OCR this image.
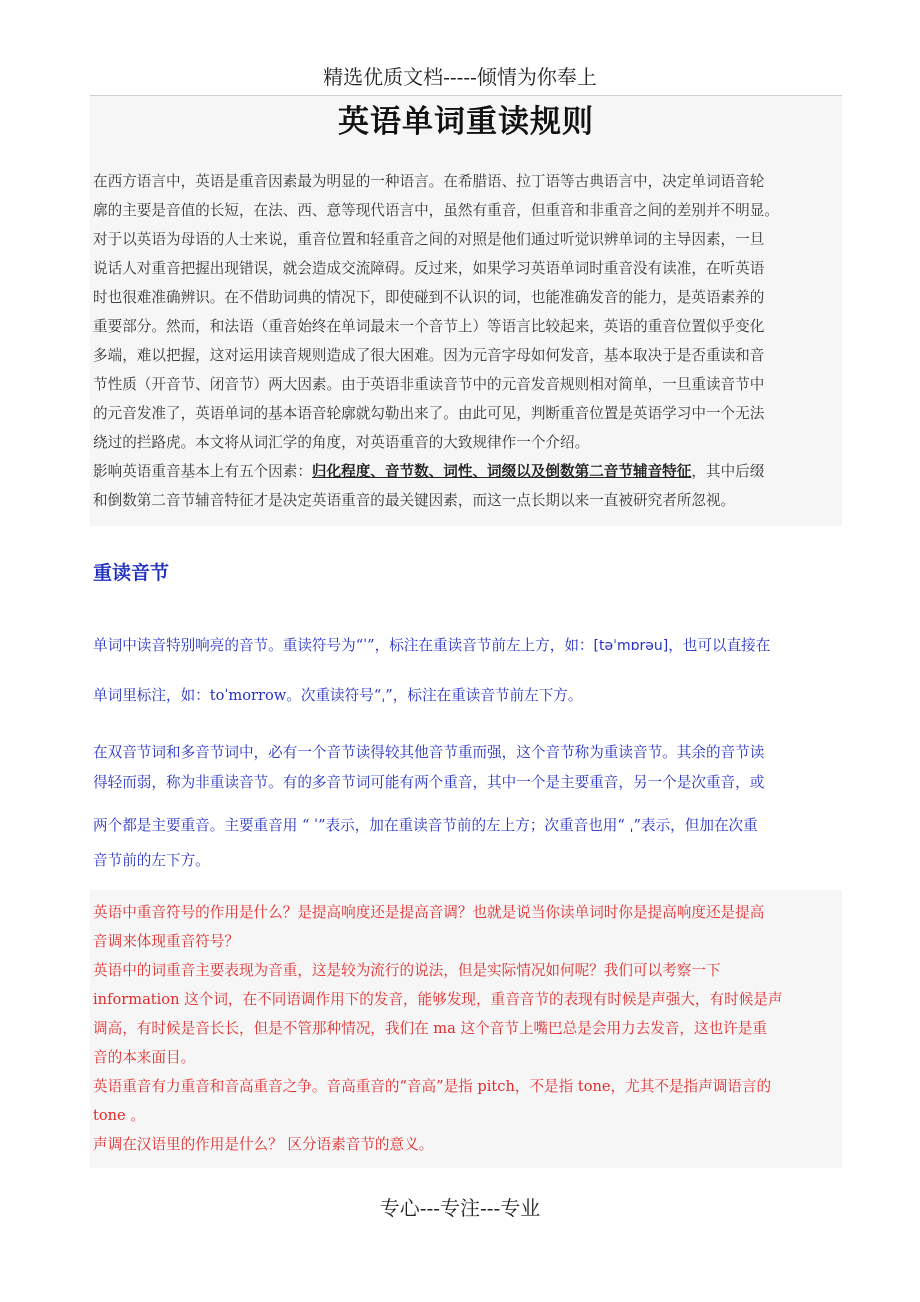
精选优质文档-----倾情为你奉上
英语单词重读规则

在西方语言中，英语是重音因素最为明显的一种语言。在希腊语、拉丁语等古典语言中，决定单词语音轮

廓的主要是音值的长短，在法、西、意等现代语言中，虽然有重音，但重音和非重音之间的差别并不明显。

对于以英语为母语的人士来说，重音位置和轻重音之间的对照是他们通过听觉识辨单词的主导因素，一旦

说话人对重音把握出现错误，就会造成交流障碍。反过来，如果学习英语单词时重音没有读准，在听英语

时也很难准确辨识。在不借助词典的情况下，即使碰到不认识的词，也能准确发音的能力，是英语素养的

重要部分。然而，和法语（重音始终在单词最末一个音节上）等语言比较起来，英语的重音位置似乎变化

多端，难以把握，这对运用读音规则造成了很大困难。因为元音字母如何发音，基本取决于是否重读和音

节性质（开音节、闭音节）两大因素。由于英语非重读音节中的元音发音规则相对简单，一旦重读音节中

的元音发准了，英语单词的基本语音轮廓就勾勒出来了。由此可见，判断重音位置是英语学习中一个无法

绕过的拦路虎。本文将从词汇学的角度，对英语重音的大致规律作一个介绍。

影响英语重音基本上有五个因素：归化程度、音节数、词性、词缀以及倒数第二音节辅音特征，其中后缀

和倒数第二音节辅音特征才是决定英语重音的最关键因素，而这一点长期以来一直被研究者所忽视。

重读音节

单词中读音特别响亮的音节。重读符号为“ˈ”，标注在重读音节前左上方，如：[təˈmɒrəu]，也可以直接在

单词里标注，如：toˈmorrow。次重读符号“ˌ”，标注在重读音节前左下方。

在双音节词和多音节词中，必有一个音节读得较其他音节重而强，这个音节称为重读音节。其余的音节读

得轻而弱，称为非重读音节。有的多音节词可能有两个重音，其中一个是主要重音，另一个是次重音，或

两个都是主要重音。主要重音用 “ ˈ”表示，加在重读音节前的左上方；次重音也用“ ˌ”表示，但加在次重

音节前的左下方。

英语中重音符号的作用是什么？是提高响度还是提高音调？也就是说当你读单词时你是提高响度还是提高

音调来体现重音符号？

英语中的词重音主要表现为音重，这是较为流行的说法，但是实际情况如何呢？我们可以考察一下

information 这个词，在不同语调作用下的发音，能够发现，重音音节的表现有时候是声强大，有时候是声

调高，有时候是音长长，但是不管那种情况，我们在 ma 这个音节上嘴巴总是会用力去发音，这也许是重

音的本来面目。

英语重音有力重音和音高重音之争。音高重音的“音高”是指 pitch，不是指 tone，尤其不是指声调语言的

tone 。

声调在汉语里的作用是什么？ 区分语素音节的意义。

专心---专注---专业
